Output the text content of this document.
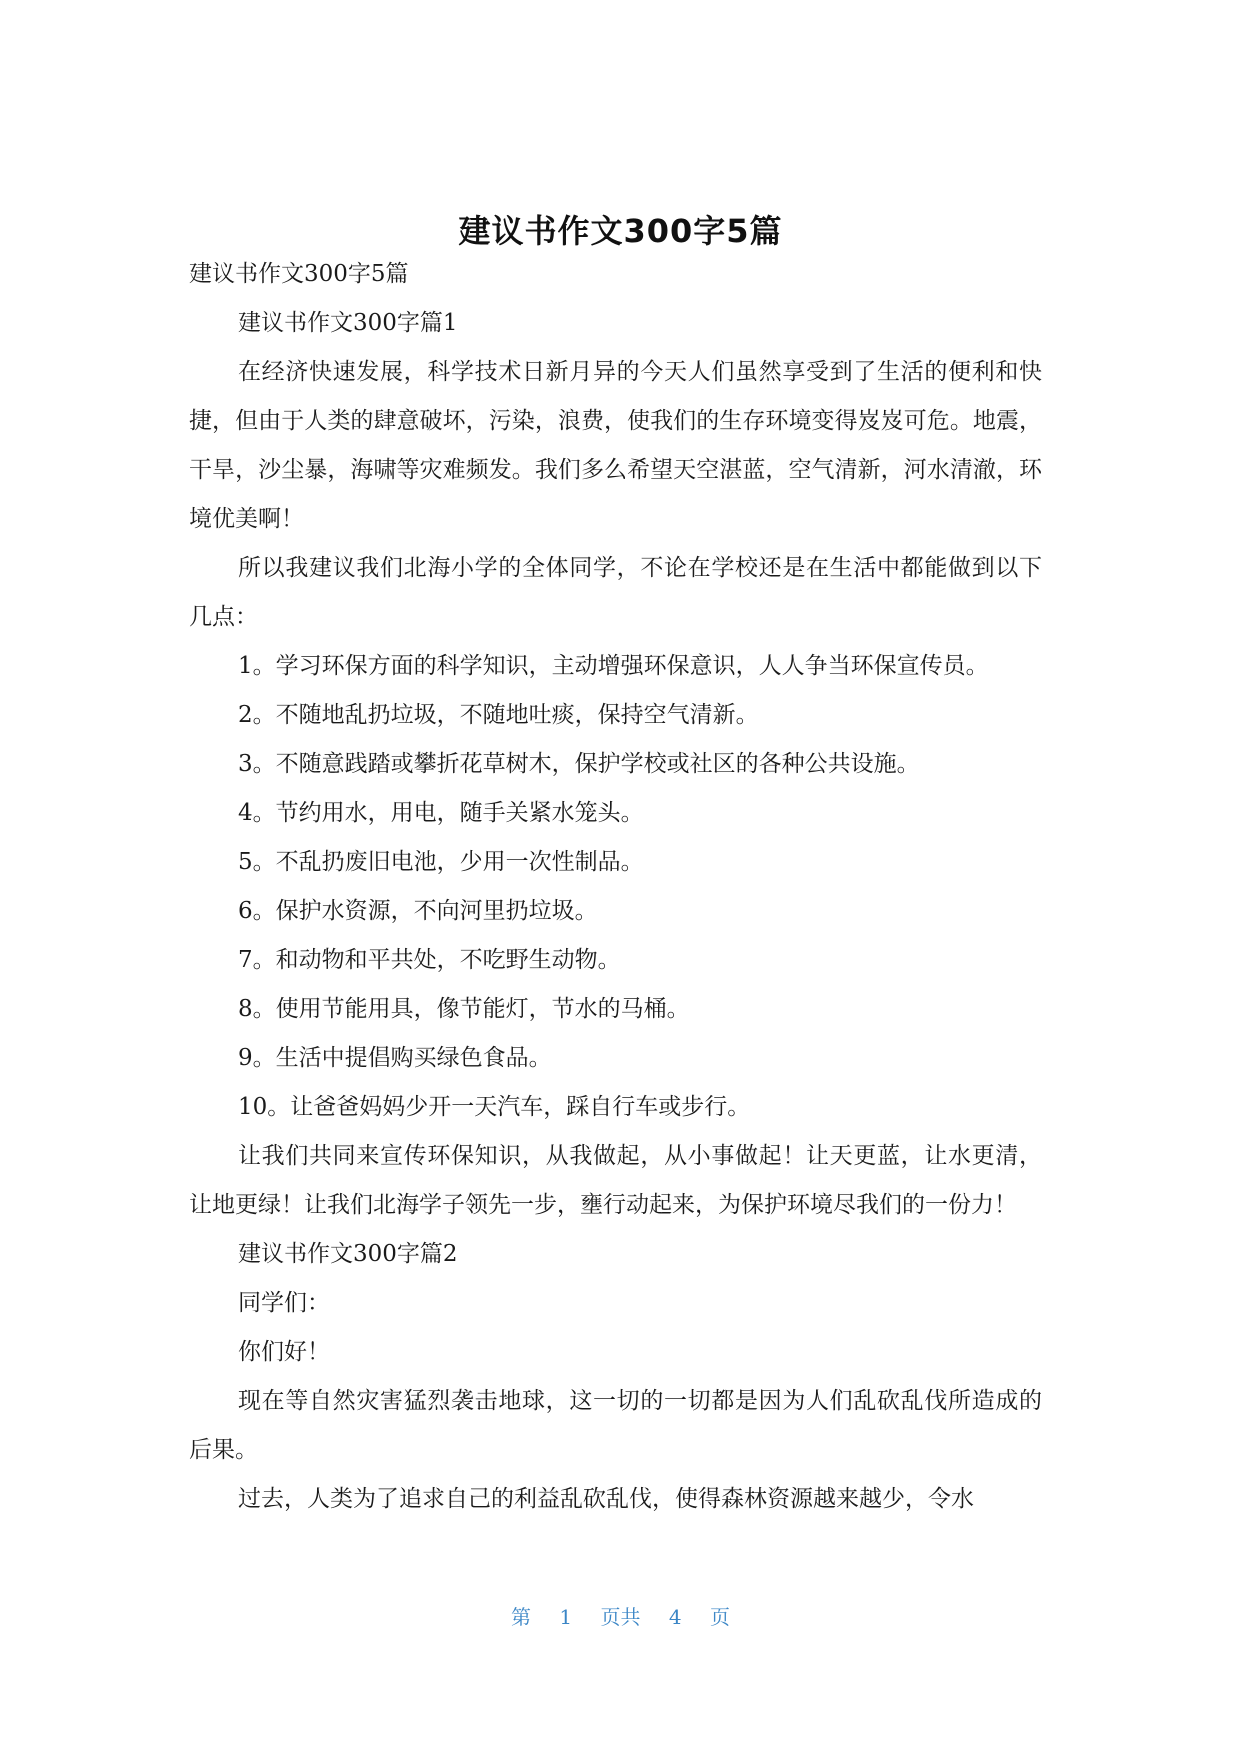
建议书作文300字5篇

建议书作文300字5篇

建议书作文300字篇1

在经济快速发展，科学技术日新月异的今天人们虽然享受到了生活的便利和快捷，但由于人类的肆意破坏，污染，浪费，使我们的生存环境变得岌岌可危。地震，干旱，沙尘暴，海啸等灾难频发。我们多么希望天空湛蓝，空气清新，河水清澈，环境优美啊！

所以我建议我们北海小学的全体同学，不论在学校还是在生活中都能做到以下几点：

1。学习环保方面的科学知识，主动增强环保意识，人人争当环保宣传员。

2。不随地乱扔垃圾，不随地吐痰，保持空气清新。

3。不随意践踏或攀折花草树木，保护学校或社区的各种公共设施。

4。节约用水，用电，随手关紧水笼头。

5。不乱扔废旧电池，少用一次性制品。

6。保护水资源，不向河里扔垃圾。

7。和动物和平共处，不吃野生动物。

8。使用节能用具，像节能灯，节水的马桶。

9。生活中提倡购买绿色食品。

10。让爸爸妈妈少开一天汽车，踩自行车或步行。

让我们共同来宣传环保知识，从我做起，从小事做起！让天更蓝，让水更清，让地更绿！让我们北海学子领先一步，壅行动起来，为保护环境尽我们的一份力！

建议书作文300字篇2

同学们：

你们好！

现在等自然灾害猛烈袭击地球，这一切的一切都是因为人们乱砍乱伐所造成的后果。

过去，人类为了追求自己的利益乱砍乱伐，使得森林资源越来越少，令水

第 1 页共 4 页
